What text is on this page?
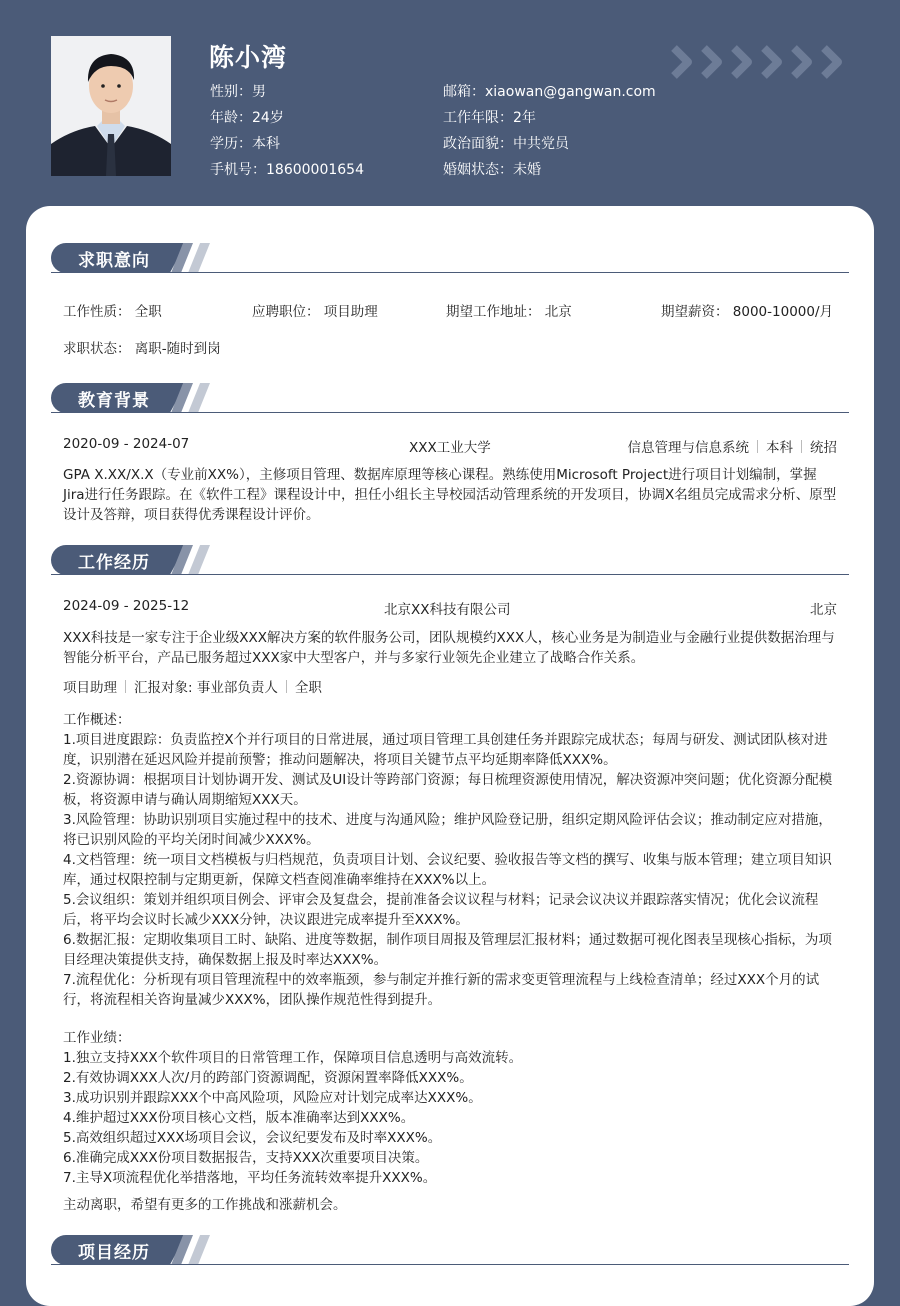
陈小湾
性别：男
年龄：24岁
学历：本科
手机号：18600001654
邮箱：xiaowan@gangwan.com
工作年限：2年
政治面貌：中共党员
婚姻状态：未婚
求职意向
工作性质： 全职	应聘职位： 项目助理	期望工作地址： 北京	期望薪资： 8000-10000/月
求职状态： 离职-随时到岗
教育背景
2020-09 - 2024-07	XXX工业大学	信息管理与信息系统 本科 统招
GPA X.XX/X.X（专业前XX%），主修项目管理、数据库原理等核心课程。熟练使用Microsoft Project进行项目计划编制，掌握Jira进行任务跟踪。在《软件工程》课程设计中，担任小组长主导校园活动管理系统的开发项目，协调X名组员完成需求分析、原型设计及答辩，项目获得优秀课程设计评价。
工作经历
2024-09 - 2025-12	北京XX科技有限公司	北京
XXX科技是一家专注于企业级XXX解决方案的软件服务公司，团队规模约XXX人，核心业务是为制造业与金融行业提供数据治理与智能分析平台，产品已服务超过XXX家中大型客户，并与多家行业领先企业建立了战略合作关系。
项目助理 汇报对象: 事业部负责人 全职
工作概述：
1.项目进度跟踪：负责监控X个并行项目的日常进展，通过项目管理工具创建任务并跟踪完成状态；每周与研发、测试团队核对进度，识别潜在延迟风险并提前预警；推动问题解决，将项目关键节点平均延期率降低XXX%。
2.资源协调：根据项目计划协调开发、测试及UI设计等跨部门资源；每日梳理资源使用情况，解决资源冲突问题；优化资源分配模板，将资源申请与确认周期缩短XXX天。
3.风险管理：协助识别项目实施过程中的技术、进度与沟通风险；维护风险登记册，组织定期风险评估会议；推动制定应对措施，将已识别风险的平均关闭时间减少XXX%。
4.文档管理：统一项目文档模板与归档规范，负责项目计划、会议纪要、验收报告等文档的撰写、收集与版本管理；建立项目知识库，通过权限控制与定期更新，保障文档查阅准确率维持在XXX%以上。
5.会议组织：策划并组织项目例会、评审会及复盘会，提前准备会议议程与材料；记录会议决议并跟踪落实情况；优化会议流程后，将平均会议时长减少XXX分钟，决议跟进完成率提升至XXX%。
6.数据汇报：定期收集项目工时、缺陷、进度等数据，制作项目周报及管理层汇报材料；通过数据可视化图表呈现核心指标，为项目经理决策提供支持，确保数据上报及时率达XXX%。
7.流程优化：分析现有项目管理流程中的效率瓶颈，参与制定并推行新的需求变更管理流程与上线检查清单；经过XXX个月的试行，将流程相关咨询量减少XXX%，团队操作规范性得到提升。
工作业绩：
1.独立支持XXX个软件项目的日常管理工作，保障项目信息透明与高效流转。
2.有效协调XXX人次/月的跨部门资源调配，资源闲置率降低XXX%。
3.成功识别并跟踪XXX个中高风险项，风险应对计划完成率达XXX%。
4.维护超过XXX份项目核心文档，版本准确率达到XXX%。
5.高效组织超过XXX场项目会议，会议纪要发布及时率XXX%。
6.准确完成XXX份项目数据报告，支持XXX次重要项目决策。
7.主导X项流程优化举措落地，平均任务流转效率提升XXX%。
主动离职，希望有更多的工作挑战和涨薪机会。
项目经历
